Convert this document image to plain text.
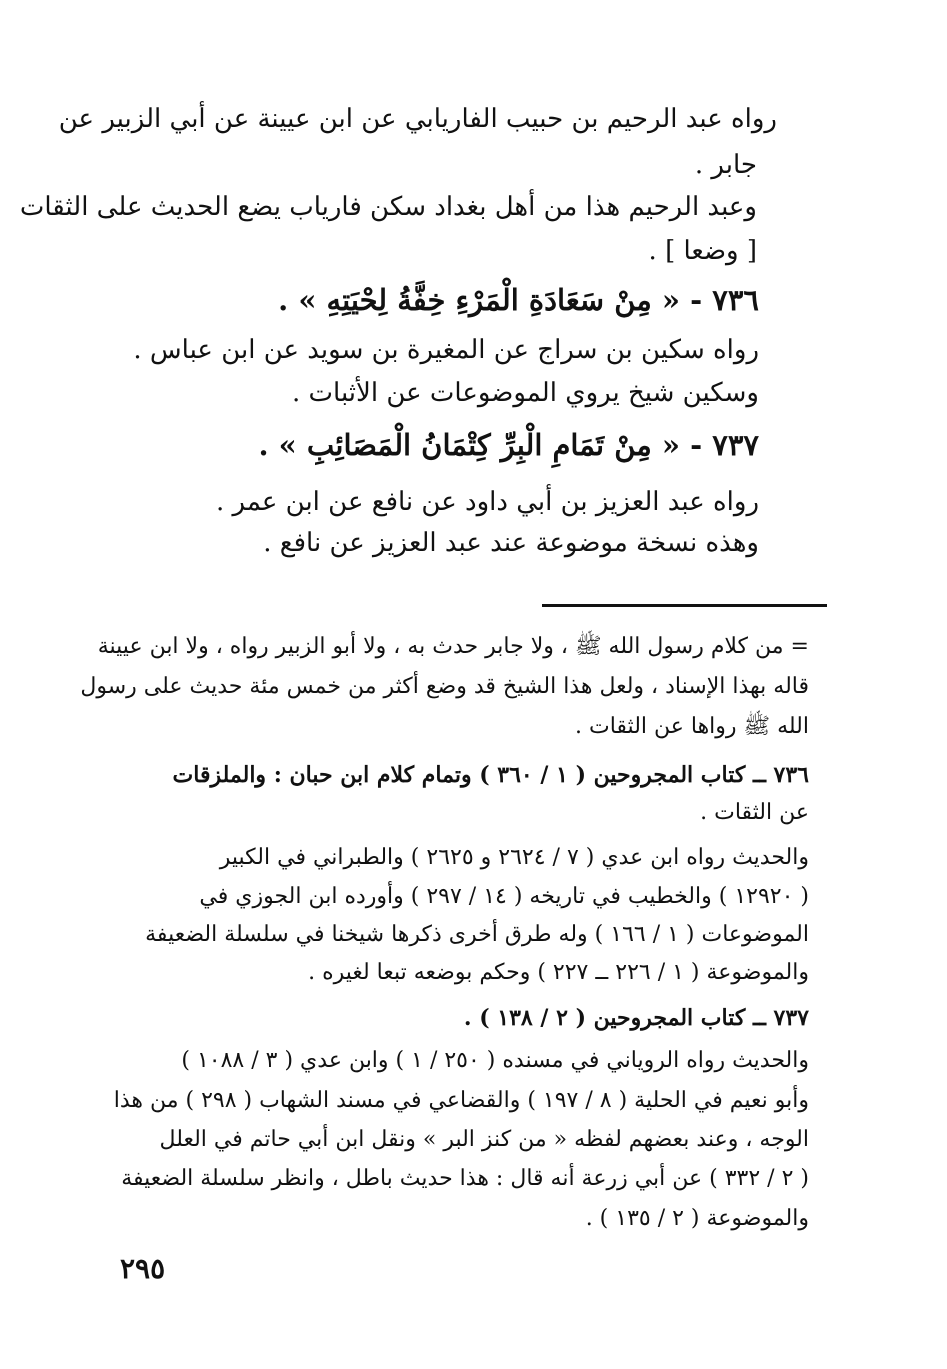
رواه عبد الرحيم بن حبيب الفاريابي عن ابن عيينة عن أبي الزبير عن
جابر .
وعبد الرحيم هذا من أهل بغداد سكن فارياب يضع الحديث على الثقات
[ وضعا ] .
٧٣٦ - « مِنْ سَعَادَةِ الْمَرْءِ خِفَّةُ لِحْيَتِهِ » .
رواه سكين بن سراج عن المغيرة بن سويد عن ابن عباس .
وسكين شيخ يروي الموضوعات عن الأثبات .
٧٣٧ - « مِنْ تَمَامِ الْبِرِّ كِتْمَانُ الْمَصَائِبِ » .
رواه عبد العزيز بن أبي داود عن نافع عن ابن عمر .
وهذه نسخة موضوعة عند عبد العزيز عن نافع .
= من كلام رسول الله ﷺ ، ولا جابر حدث به ، ولا أبو الزبير رواه ، ولا ابن عيينة
قاله بهذا الإسناد ، ولعل هذا الشيخ قد وضع أكثر من خمس مئة حديث على رسول
الله ﷺ رواها عن الثقات .
٧٣٦ ــ كتاب المجروحين ( ١ / ٣٦٠ ) وتمام كلام ابن حبان : والملزقات
عن الثقات .
والحديث رواه ابن عدي ( ٧ / ٢٦٢٤ و ٢٦٢٥ ) والطبراني في الكبير
( ١٢٩٢٠ ) والخطيب في تاريخه ( ١٤ / ٢٩٧ ) وأورده ابن الجوزي في
الموضوعات ( ١ / ١٦٦ ) وله طرق أخرى ذكرها شيخنا في سلسلة الضعيفة
والموضوعة ( ١ / ٢٢٦ ــ ٢٢٧ ) وحكم بوضعه تبعا لغيره .
٧٣٧ ــ كتاب المجروحين ( ٢ / ١٣٨ ) .
والحديث رواه الروياني في مسنده ( ٢٥٠ / ١ ) وابن عدي ( ٣ / ١٠٨٨ )
وأبو نعيم في الحلية ( ٨ / ١٩٧ ) والقضاعي في مسند الشهاب ( ٢٩٨ ) من هذا
الوجه ، وعند بعضهم لفظه « من كنز البر » ونقل ابن أبي حاتم في العلل
( ٢ / ٣٣٢ ) عن أبي زرعة أنه قال : هذا حديث باطل ، وانظر سلسلة الضعيفة
والموضوعة ( ٢ / ١٣٥ ) .
٢٩٥
